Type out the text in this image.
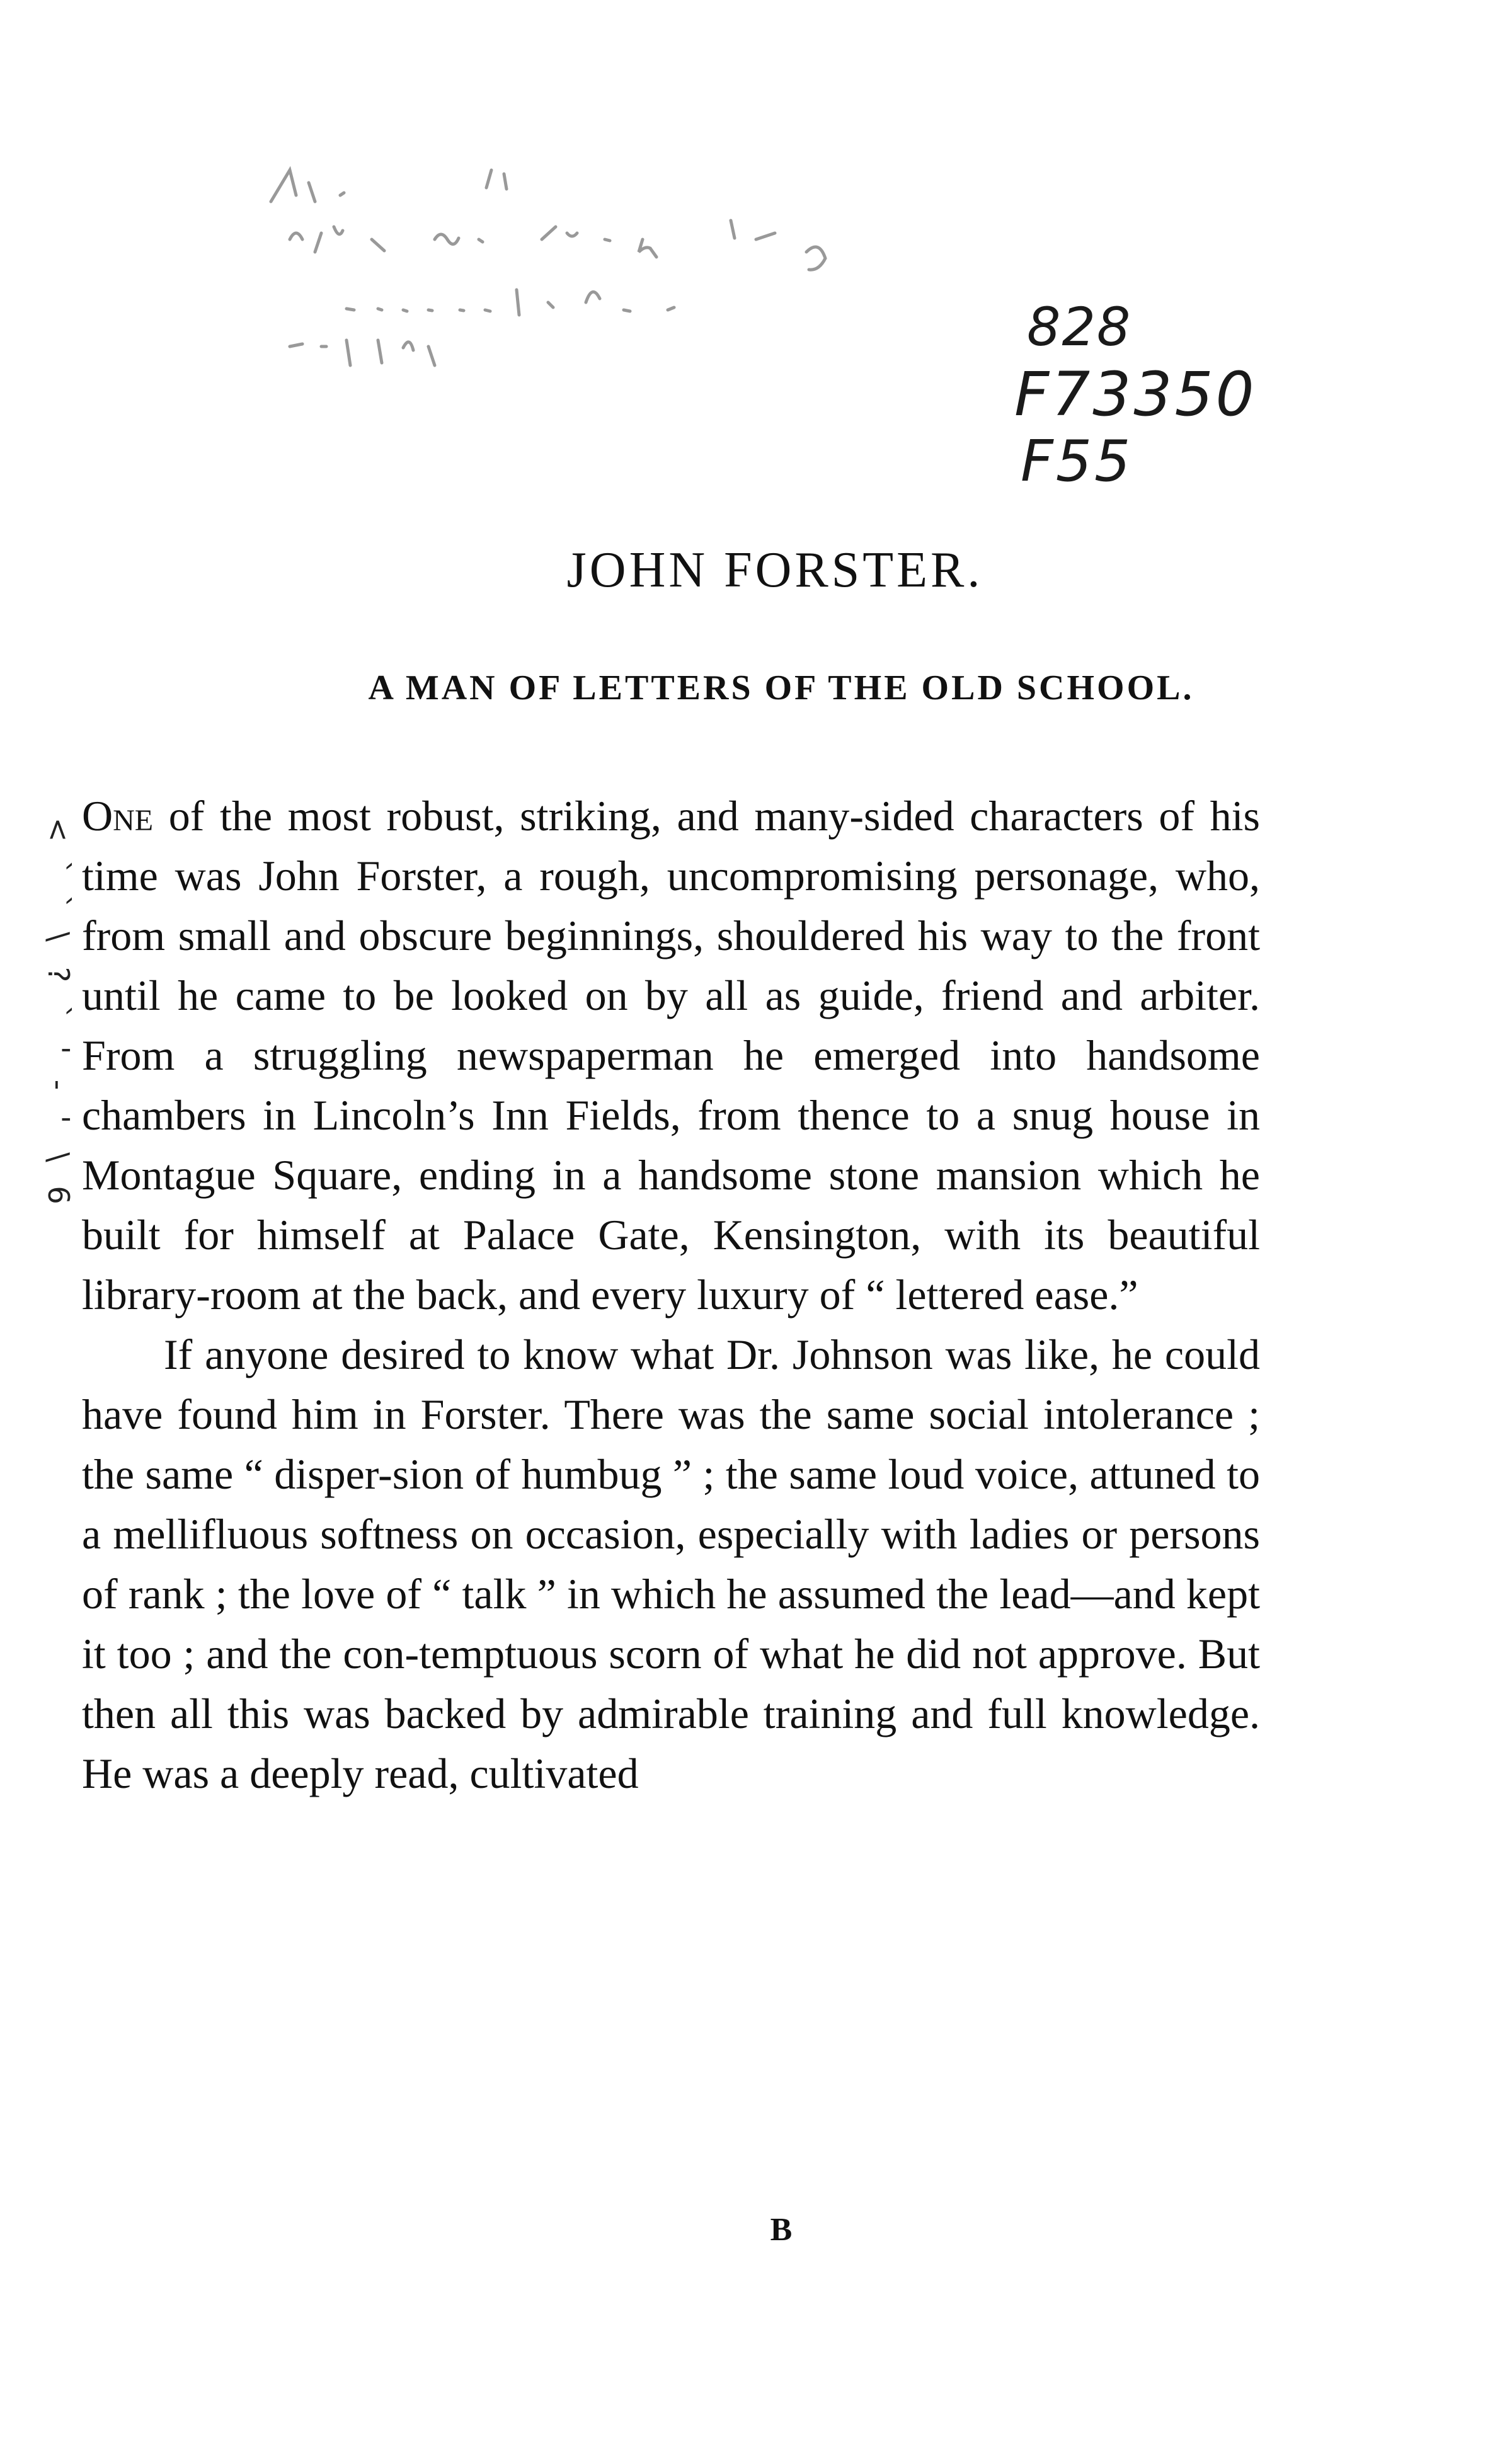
828
F73350
F55
JOHN FORSTER.
A MAN OF LETTERS OF THE OLD SCHOOL.
<
`
`
\
?
`
'
-
'
\
6

One of the most robust, striking, and many-sided characters of his time was John Forster, a rough, uncompromising personage, who, from small and obscure beginnings, shouldered his way to the front until he came to be looked on by all as guide, friend and arbiter. From a struggling newspaperman he emerged into handsome chambers in Lincoln’s Inn Fields, from thence to a snug house in Montague Square, ending in a handsome stone mansion which he built for himself at Palace Gate, Kensington, with its beautiful library-room at the back, and every luxury of “ lettered ease.”

If anyone desired to know what Dr. Johnson was like, he could have found him in Forster. There was the same social intolerance ; the same “ disper-sion of humbug ” ; the same loud voice, attuned to a mellifluous softness on occasion, especially with ladies or persons of rank ; the love of “ talk ” in which he assumed the lead—and kept it too ; and the con-temptuous scorn of what he did not approve. But then all this was backed by admirable training and full knowledge. He was a deeply read, cultivated

B
